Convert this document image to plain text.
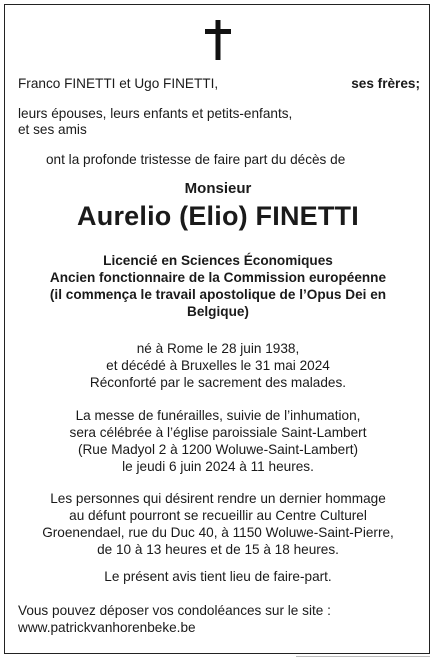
Franco FINETTI et Ugo FINETTI,	ses frères;
leurs épouses, leurs enfants et petits-enfants,
et ses amis
ont la profonde tristesse de faire part du décès de
Monsieur
Aurelio (Elio) FINETTI
Licencié en Sciences Économiques
Ancien fonctionnaire de la Commission européenne
(il commença le travail apostolique de l’Opus Dei en
Belgique)
né à Rome le 28 juin 1938,
et décédé à Bruxelles le 31 mai 2024
Réconforté par le sacrement des malades.
La messe de funérailles, suivie de l’inhumation,
sera célébrée à l’église paroissiale Saint-Lambert
(Rue Madyol 2 à 1200 Woluwe-Saint-Lambert)
le jeudi 6 juin 2024 à 11 heures.
Les personnes qui désirent rendre un dernier hommage
au défunt pourront se recueillir au Centre Culturel
Groenendael, rue du Duc 40, à 1150 Woluwe-Saint-Pierre,
de 10 à 13 heures et de 15 à 18 heures.
Le présent avis tient lieu de faire-part.
Vous pouvez déposer vos condoléances sur le site :
www.patrickvanhorenbeke.be
